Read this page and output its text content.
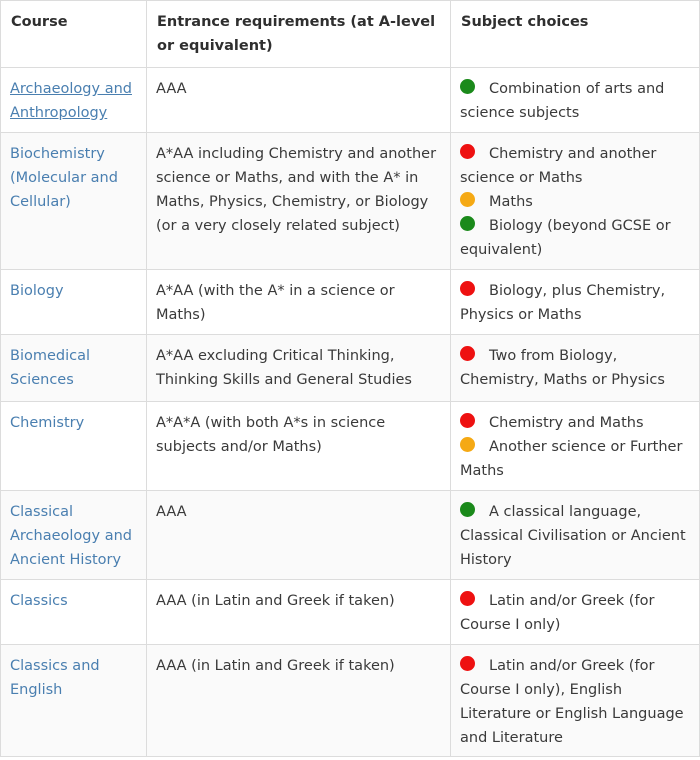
Course	Entrance requirements (at A-level or equivalent)	Subject choices
Archaeology and Anthropology	AAA	Combination of arts and science subjects

Biochemistry (Molecular and Cellular)	A*AA including Chemistry and another science or Maths, and with the A* in Maths, Physics, Chemistry, or Biology (or a very closely related subject)	Chemistry and another science or Maths
Maths
Biology (beyond GCSE or equivalent)

Biology	A*AA (with the A* in a science or Maths)	Biology, plus Chemistry, Physics or Maths

Biomedical Sciences	A*AA excluding Critical Thinking, Thinking Skills and General Studies	Two from Biology, Chemistry, Maths or Physics

Chemistry	A*A*A (with both A*s in science subjects and/or Maths)	Chemistry and Maths
Another science or Further Maths

Classical Archaeology and Ancient History	AAA	A classical language, Classical Civilisation or Ancient History

Classics	AAA (in Latin and Greek if taken)	Latin and/or Greek (for Course I only)

Classics and English	AAA (in Latin and Greek if taken)	Latin and/or Greek (for Course I only), English Literature or English Language and Literature
